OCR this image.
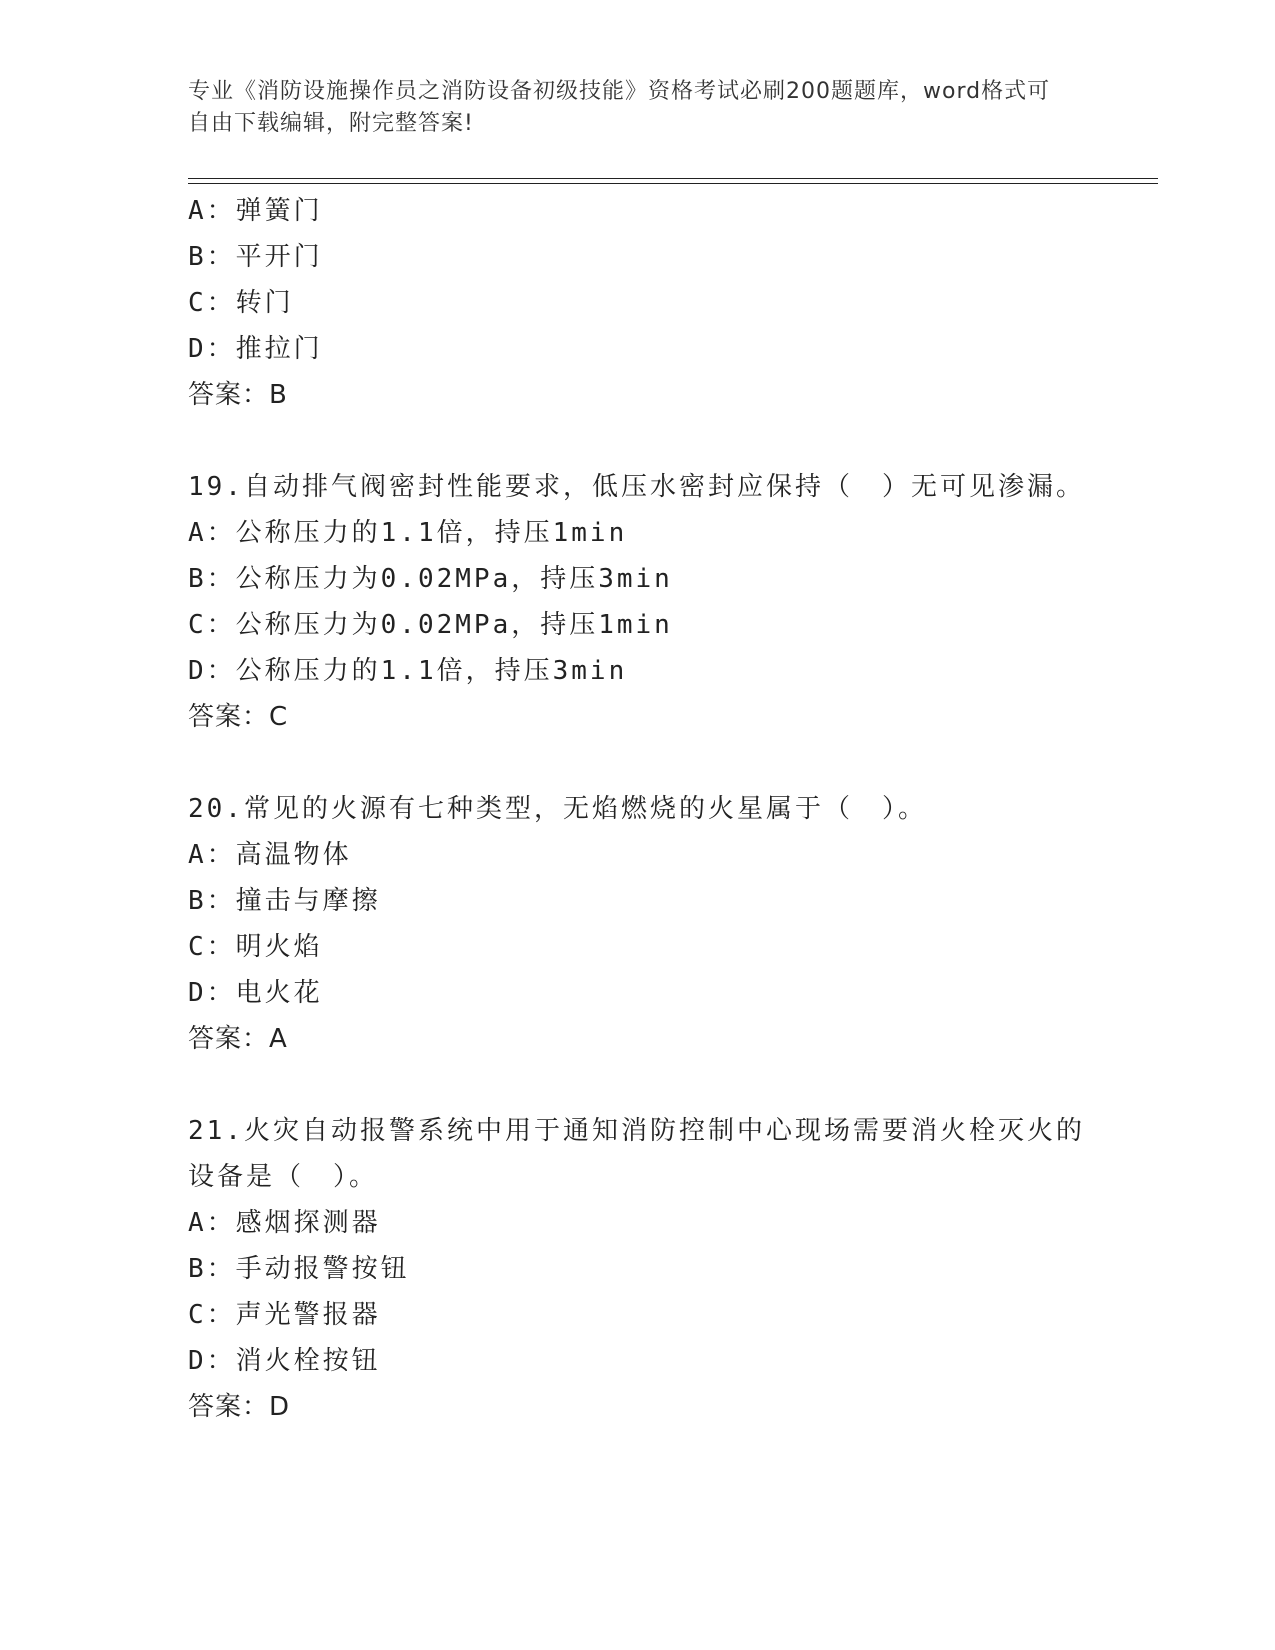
专业《消防设施操作员之消防设备初级技能》资格考试必刷200题题库，word格式可自由下载编辑，附完整答案!
A：弹簧门
B：平开门
C：转门
D：推拉门
答案：B
19.自动排气阀密封性能要求，低压水密封应保持（　）无可见渗漏。
A：公称压力的1.1倍，持压1min
B：公称压力为0.02MPa，持压3min
C：公称压力为0.02MPa，持压1min
D：公称压力的1.1倍，持压3min
答案：C
20.常见的火源有七种类型，无焰燃烧的火星属于（　）。
A：高温物体
B：撞击与摩擦
C：明火焰
D：电火花
答案：A
21.火灾自动报警系统中用于通知消防控制中心现场需要消火栓灭火的
设备是（　）。
A：感烟探测器
B：手动报警按钮
C：声光警报器
D：消火栓按钮
答案：D
